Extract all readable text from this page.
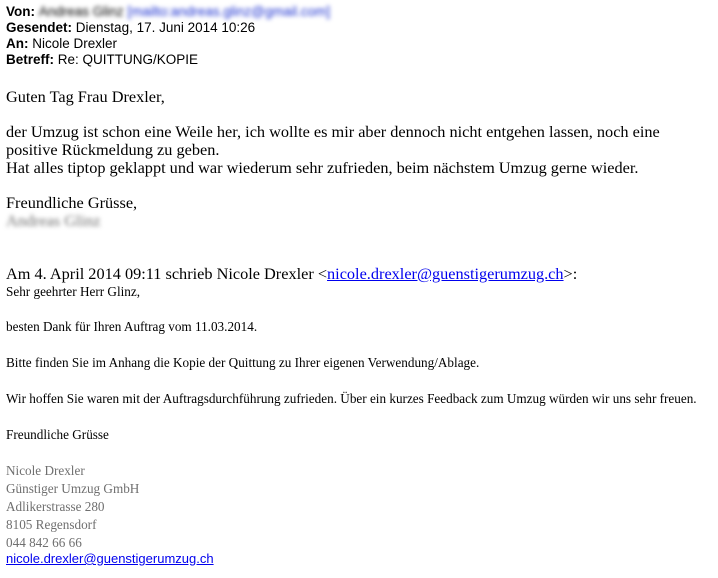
Von: Andreas Glinz [mailto:andreas.glinz@gmail.com]
Gesendet: Dienstag, 17. Juni 2014 10:26
An: Nicole Drexler
Betreff: Re: QUITTUNG/KOPIE
Guten Tag Frau Drexler,
der Umzug ist schon eine Weile her, ich wollte es mir aber dennoch nicht entgehen lassen, noch eine positive Rückmeldung zu geben.
Hat alles tiptop geklappt und war wiederum sehr zufrieden, beim nächstem Umzug gerne wieder.
Freundliche Grüsse,
Andreas Glinz
Am 4. April 2014 09:11 schrieb Nicole Drexler <nicole.drexler@guenstigerumzug.ch>:
Sehr geehrter Herr Glinz,
besten Dank für Ihren Auftrag vom 11.03.2014.
Bitte finden Sie im Anhang die Kopie der Quittung zu Ihrer eigenen Verwendung/Ablage.
Wir hoffen Sie waren mit der Auftragsdurchführung zufrieden. Über ein kurzes Feedback zum Umzug würden wir uns sehr freuen.
Freundliche Grüsse
Nicole Drexler
Günstiger Umzug GmbH
Adlikerstrasse 280
8105 Regensdorf
044 842 66 66
nicole.drexler@guenstigerumzug.ch
